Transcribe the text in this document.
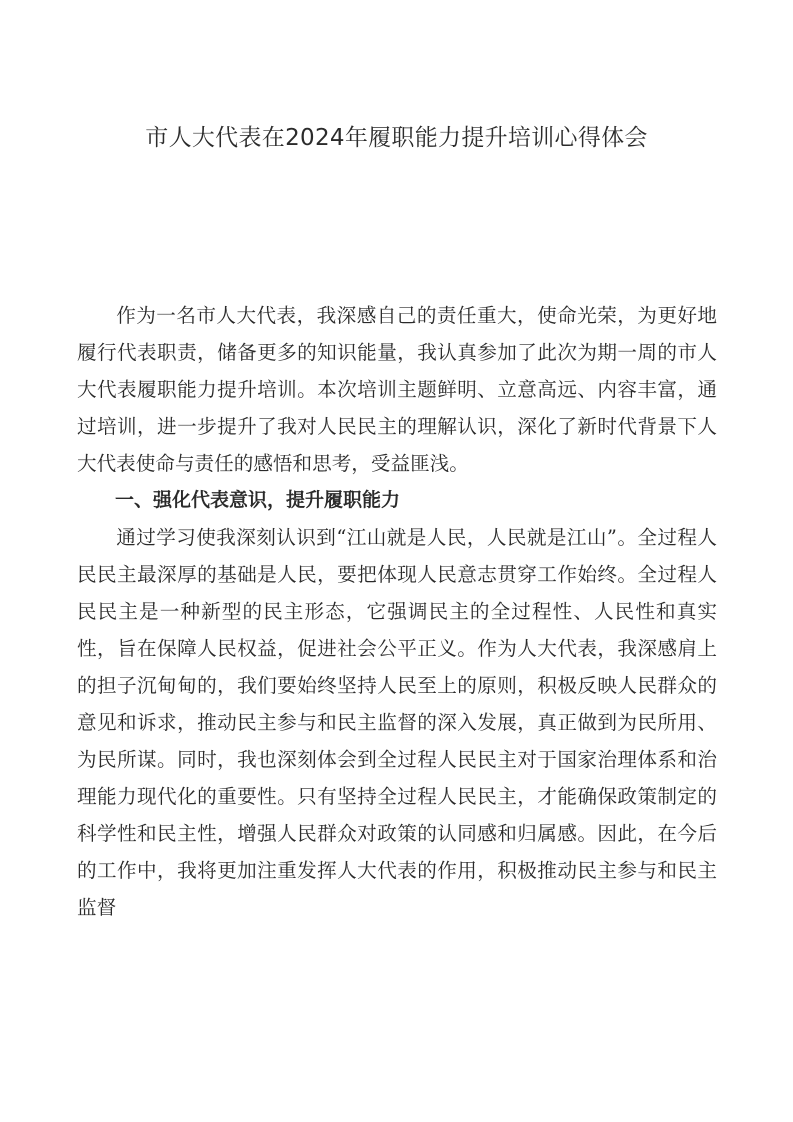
市人大代表在2024年履职能力提升培训心得体会

作为一名市人大代表，我深感自己的责任重大，使命光荣，为更好地履行代表职责，储备更多的知识能量，我认真参加了此次为期一周的市人大代表履职能力提升培训。本次培训主题鲜明、立意高远、内容丰富，通过培训，进一步提升了我对人民民主的理解认识，深化了新时代背景下人大代表使命与责任的感悟和思考，受益匪浅。

一、强化代表意识，提升履职能力

通过学习使我深刻认识到“江山就是人民，人民就是江山”。全过程人民民主最深厚的基础是人民，要把体现人民意志贯穿工作始终。全过程人民民主是一种新型的民主形态，它强调民主的全过程性、人民性和真实性，旨在保障人民权益，促进社会公平正义。作为人大代表，我深感肩上的担子沉甸甸的，我们要始终坚持人民至上的原则，积极反映人民群众的意见和诉求，推动民主参与和民主监督的深入发展，真正做到为民所用、为民所谋。同时，我也深刻体会到全过程人民民主对于国家治理体系和治理能力现代化的重要性。只有坚持全过程人民民主，才能确保政策制定的科学性和民主性，增强人民群众对政策的认同感和归属感。因此，在今后的工作中，我将更加注重发挥人大代表的作用，积极推动民主参与和民主监督
